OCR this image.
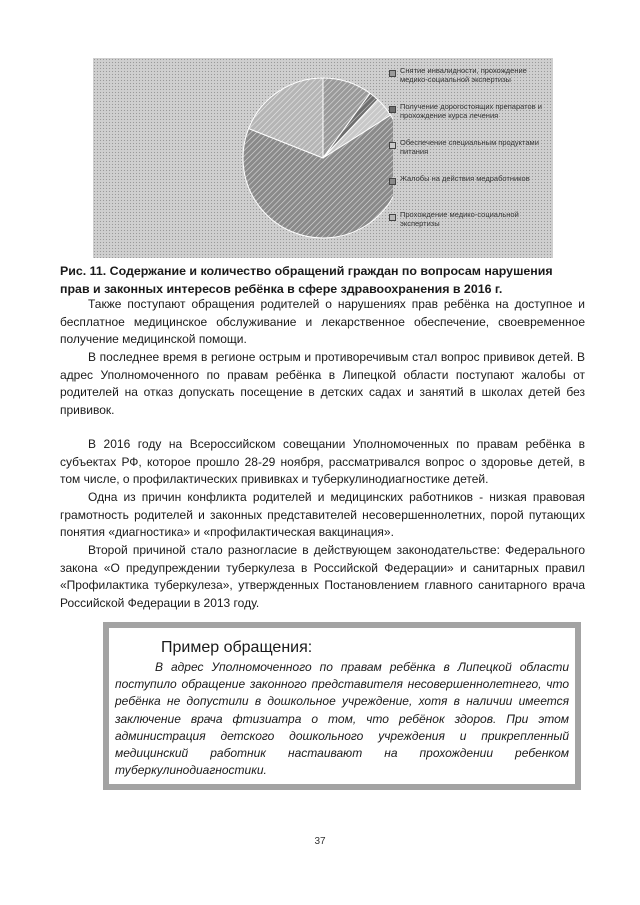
Снятие инвалидности, прохождение медико-социальной экспертизы
Получение дорогостоящих препаратов и прохождение курса лечения
Обеспечение специальным продуктами питания
Жалобы на действия медработников
Прохождение медико-социальной экспертизы

Рис. 11. Содержание и количество обращений граждан по вопросам нарушения прав и законных интересов ребёнка в сфере здравоохранения в 2016 г.

Также поступают обращения родителей о нарушениях прав ребёнка на доступное и бесплатное медицинское обслуживание и лекарственное обеспечение, своевременное получение медицинской помощи.

В последнее время в регионе острым и противоречивым стал вопрос прививок детей. В адрес Уполномоченного по правам ребёнка в Липецкой области поступают жалобы от родителей на отказ допускать посещение в детских садах и занятий в школах детей без прививок.

В 2016 году на Всероссийском совещании Уполномоченных по правам ребёнка в субъектах РФ, которое прошло 28-29 ноября, рассматривался вопрос о здоровье детей, в том числе, о профилактических прививках и туберкулинодиагностике детей.

Одна из причин конфликта родителей и медицинских работников - низкая правовая грамотность родителей и законных представителей несовершеннолетних, порой путающих понятия «диагностика» и «профилактическая вакцинация».

Второй причиной стало разногласие в действующем законодательстве: Федерального закона «О предупреждении туберкулеза в Российской Федерации» и санитарных правил «Профилактика туберкулеза», утвержденных Постановлением главного санитарного врача Российской Федерации в 2013 году.

Пример обращения:

В адрес Уполномоченного по правам ребёнка в Липецкой области поступило обращение законного представителя несовершеннолетнего, что ребёнка не допустили в дошкольное учреждение, хотя в наличии имеется заключение врача фтизиатра о том, что ребёнок здоров. При этом администрация детского дошкольного учреждения и прикрепленный медицинский работник настаивают на прохождении ребенком туберкулинодиагностики.

37
